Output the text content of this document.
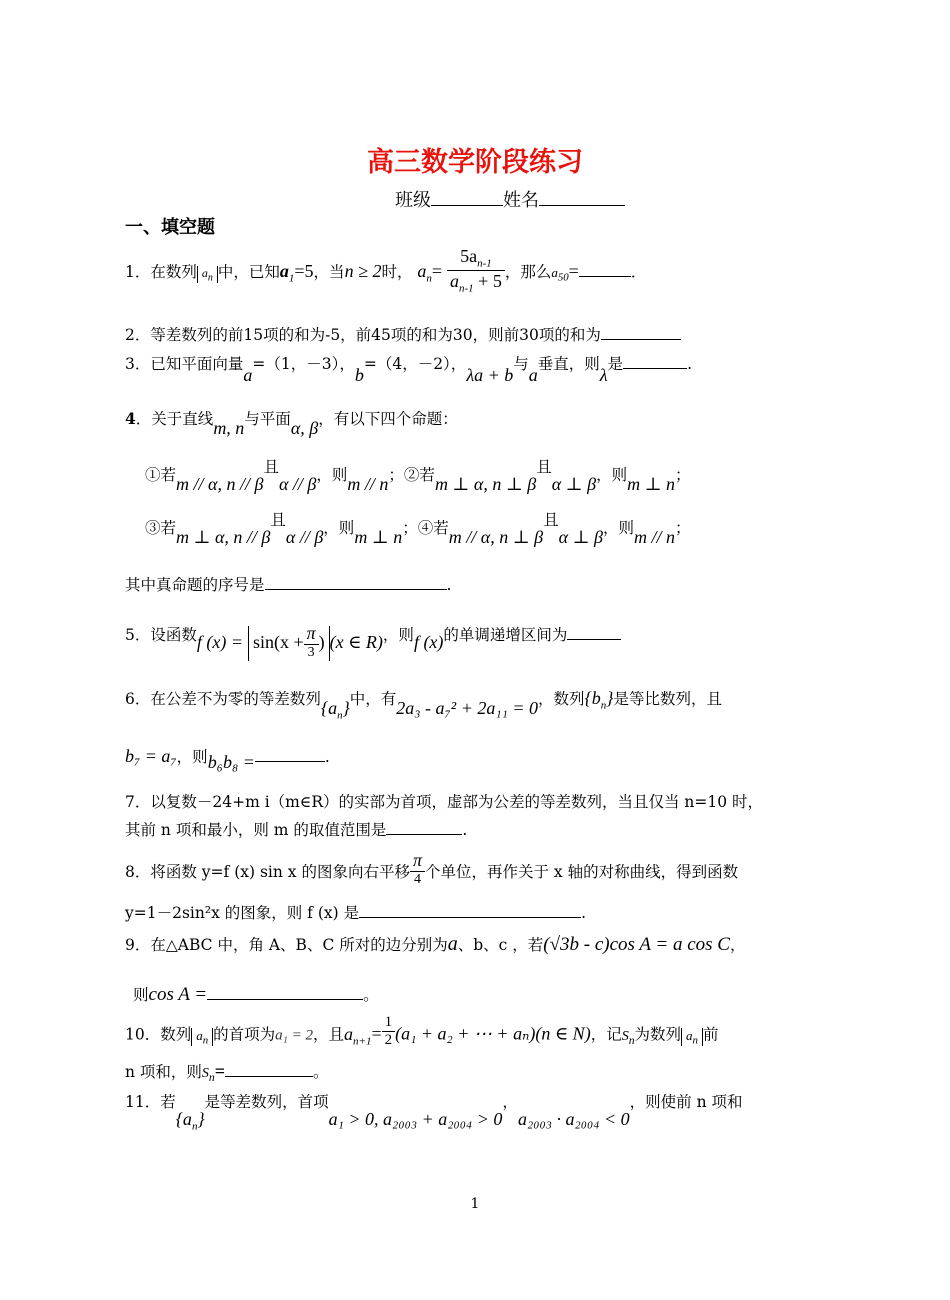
高三数学阶段练习
班级	姓名
一、填空题
1．在数列 $a_n$ 中，已知$a_1=5$，当n ≥ 2时， $a_n= \frac{5a_{n-1}}{a_{n-1} + 5}$ ，那么$a_{50}=$	．
2．等差数列的前15项的和为-5，前45项的和为30，则前30项的和为
3．已知平面向量a=（1，－3），b=（4，－2），λa + b与a垂直，则λ是	.
4．关于直线m, n与平面α, β，有以下四个命题：
①若m // α, n // β且α // β，则m // n；②若m ⊥ α, n ⊥ β且α ⊥ β，则m ⊥ n；
③若m ⊥ α, n // β且α // β，则m ⊥ n；④若m // α, n ⊥ β且α ⊥ β，则m // n；
其中真命题的序号是	.
5．设函数f $(x) = \sin(x + \frac{\pi}{3}$ ) (x ∈ R)，则f (x)的单调递增区间为
6．在公差不为零的等差数列$\{a_n\}$中，有2a₃ - a₇² + 2a₁₁ = 0，数列$\{b_n\}$是等比数列，且
b₇ = a₇，则b₆b₈ =	.
7．以复数－24+m i（m∈R）的实部为首项，虚部为公差的等差数列，当且仅当 n=10 时，
其前 n 项和最小，则 m 的取值范围是	.
8．将函数 y=f (x) sin x 的图象向右平移 $\frac{\pi}{4}$ 个单位，再作关于 x 轴的对称曲线，得到函数
y=1－2sin²x 的图象，则 f (x) 是	.
9．在△ABC 中，角 A、B、C 所对的边分别为a、b、c ，若(√3b - c)cos A = a cos C，
则cos A =	。
10．数列 $a_n$ 的首项为a₁ = 2，且$a_{n+1}= \frac{1}{2} (a_1 + a_2$ + ⋯ + aₙ)(n ∈ N)，记$S_n$为数列 $a_n$ 前
n 项和，则$S_n=$	。
11．若$\{a_n\}$是等差数列，首项a₁ > 0, a₂₀₀₃ + a₂₀₀₄ > 0，a₂₀₀₃ · a₂₀₀₄ < 0，则使前 n 项和
1
